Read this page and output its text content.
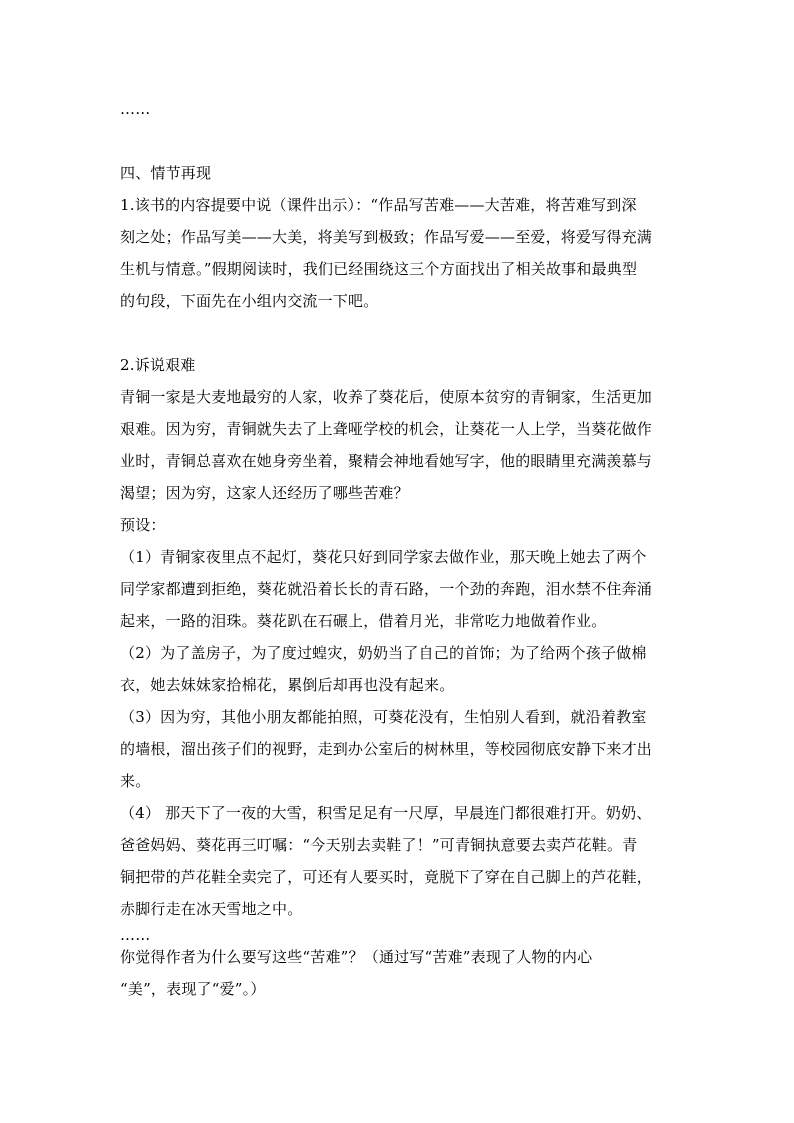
……
四、情节再现
1.该书的内容提要中说（课件出示）：“作品写苦难——大苦难，将苦难写到深
刻之处；作品写美——大美，将美写到极致；作品写爱——至爱，将爱写得充满
生机与情意。”假期阅读时，我们已经围绕这三个方面找出了相关故事和最典型
的句段，下面先在小组内交流一下吧。
2.诉说艰难
青铜一家是大麦地最穷的人家，收养了葵花后，使原本贫穷的青铜家，生活更加
艰难。因为穷，青铜就失去了上聋哑学校的机会，让葵花一人上学，当葵花做作
业时，青铜总喜欢在她身旁坐着，聚精会神地看她写字，他的眼睛里充满羡慕与
渴望；因为穷，这家人还经历了哪些苦难？
预设：
（1）青铜家夜里点不起灯，葵花只好到同学家去做作业，那天晚上她去了两个
同学家都遭到拒绝，葵花就沿着长长的青石路，一个劲的奔跑，泪水禁不住奔涌
起来，一路的泪珠。葵花趴在石碾上，借着月光，非常吃力地做着作业。
（2）为了盖房子，为了度过蝗灾，奶奶当了自己的首饰；为了给两个孩子做棉
衣，她去妹妹家拾棉花，累倒后却再也没有起来。
（3）因为穷，其他小朋友都能拍照，可葵花没有，生怕别人看到，就沿着教室
的墙根，溜出孩子们的视野，走到办公室后的树林里，等校园彻底安静下来才出
来。
（4） 那天下了一夜的大雪，积雪足足有一尺厚，早晨连门都很难打开。奶奶、
爸爸妈妈、葵花再三叮嘱：“今天别去卖鞋了！”可青铜执意要去卖芦花鞋。青
铜把带的芦花鞋全卖完了，可还有人要买时，竟脱下了穿在自己脚上的芦花鞋，
赤脚行走在冰天雪地之中。
……
你觉得作者为什么要写这些“苦难”？（通过写“苦难”表现了人物的内心
“美”，表现了“爱”。）
